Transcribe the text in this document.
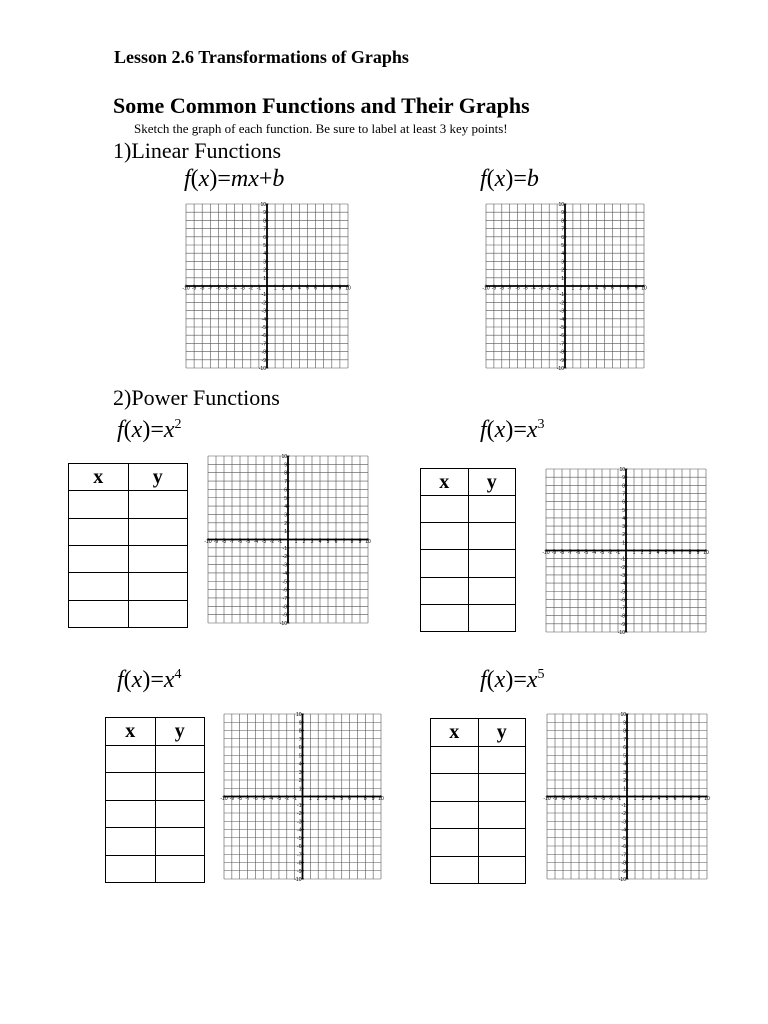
Lesson 2.6 Transformations of Graphs
Some Common Functions and Their Graphs
Sketch the graph of each function. Be sure to label at least 3 key points!
1)Linear Functions
f(x)=mx+b	f(x)=b
-10
-10
-9
-9
-8
-8
-7
-7
-6
-6
-5
-5
-4
-4
-3
-3
-2
-2
-1
-1
1
1
2
2
3
3
4
4
5
5
6
6
7
7
8
8
9
9
10
10
-10
-10
-9
-9
-8
-8
-7
-7
-6
-6
-5
-5
-4
-4
-3
-3
-2
-2
-1
-1
1
1
2
2
3
3
4
4
5
5
6
6
7
7
8
8
9
9
10
10
2)Power Functions
$f(x)=x^2$	$f(x)=x^3$
x	y

-10
-10
-9
-9
-8
-8
-7
-7
-6
-6
-5
-5
-4
-4
-3
-3
-2
-2
-1
-1
1
1
2
2
3
3
4
4
5
5
6
6
7
7
8
8
9
9
10
10
x	y

-10
-10
-9
-9
-8
-8
-7
-7
-6
-6
-5
-5
-4
-4
-3
-3
-2
-2
-1
-1
1
1
2
2
3
3
4
4
5
5
6
6
7
7
8
8
9
9
10
10
$f(x)=x^4$	$f(x)=x^5$
x	y

-10
-10
-9
-9
-8
-8
-7
-7
-6
-6
-5
-5
-4
-4
-3
-3
-2
-2
-1
-1
1
1
2
2
3
3
4
4
5
5
6
6
7
7
8
8
9
9
10
10
x	y

-10
-10
-9
-9
-8
-8
-7
-7
-6
-6
-5
-5
-4
-4
-3
-3
-2
-2
-1
-1
1
1
2
2
3
3
4
4
5
5
6
6
7
7
8
8
9
9
10
10
